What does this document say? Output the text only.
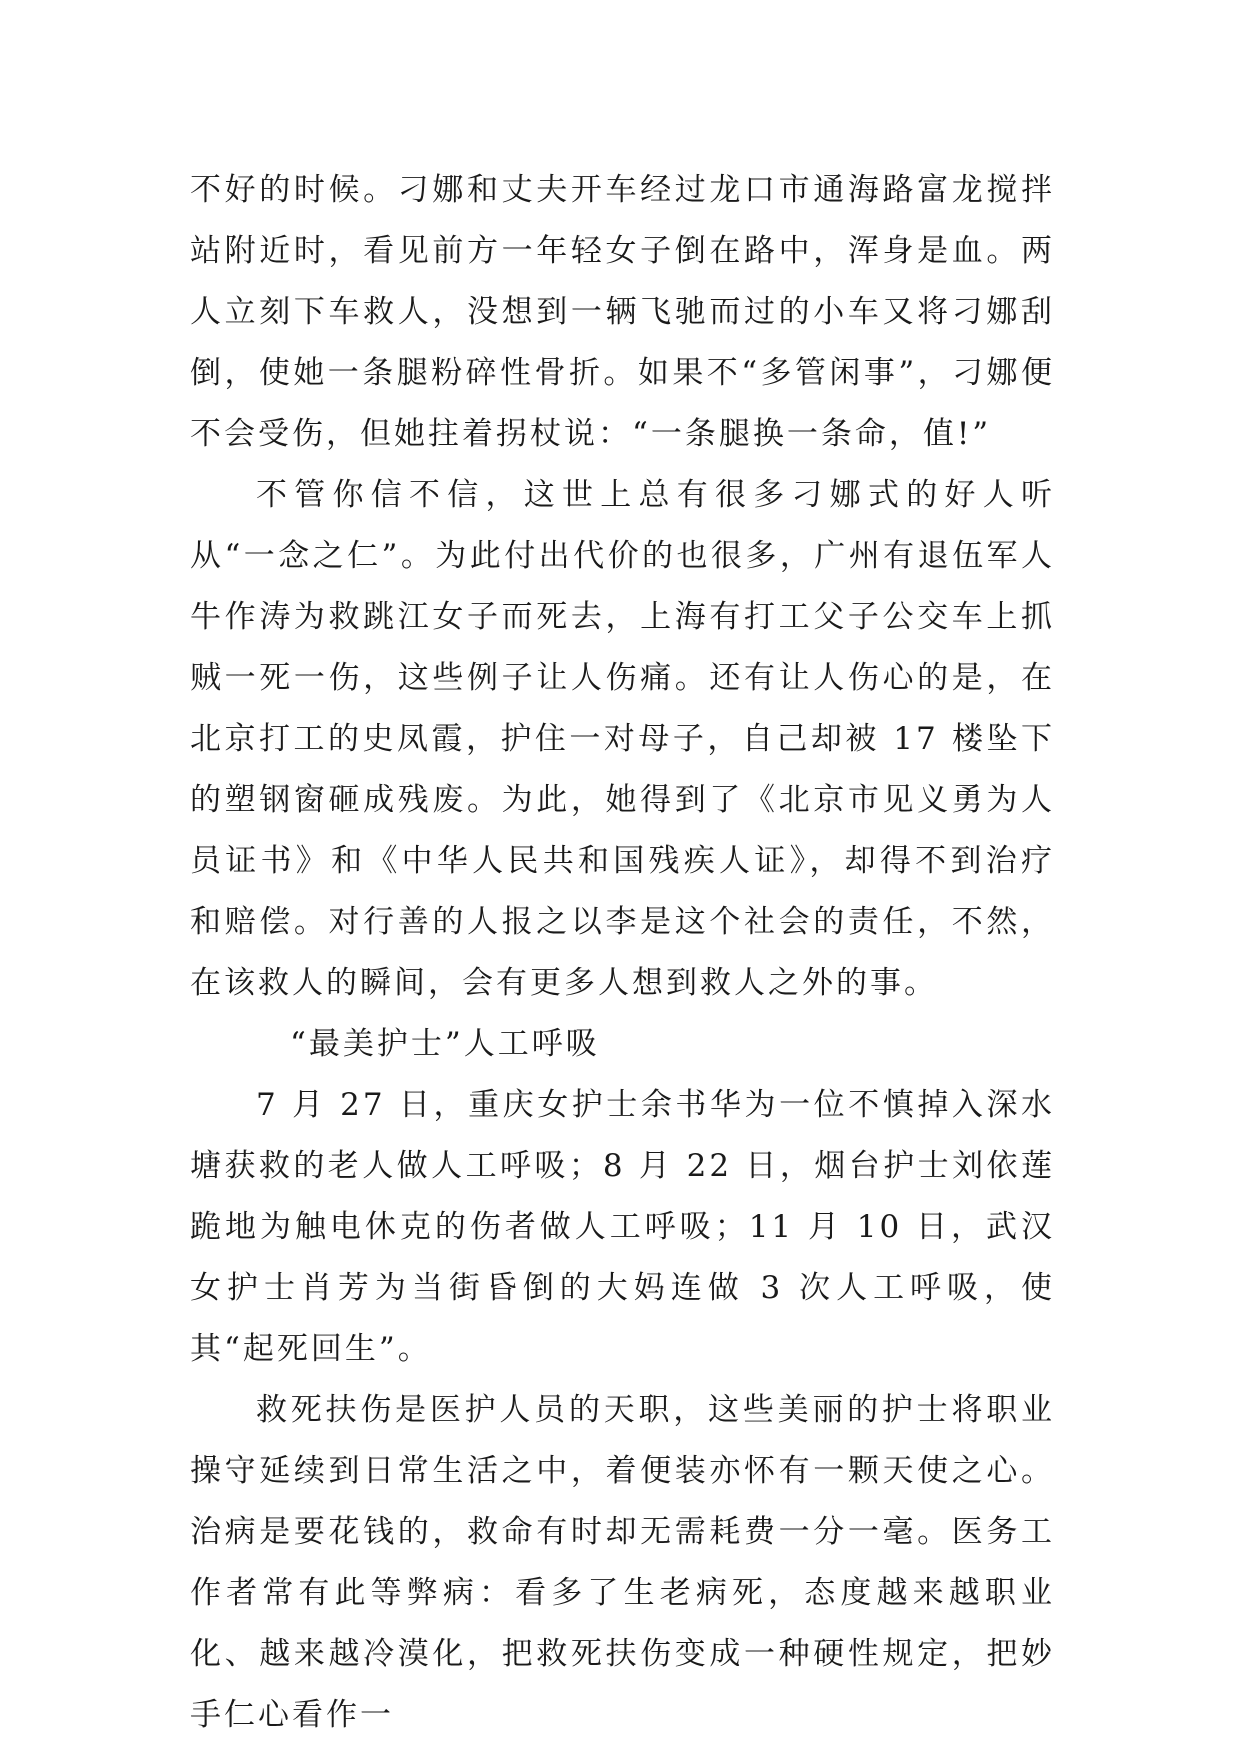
不好的时候。刁娜和丈夫开车经过龙口市通海路富龙搅拌站附近时，看见前方一年轻女子倒在路中，浑身是血。两人立刻下车救人，没想到一辆飞驰而过的小车又将刁娜刮倒，使她一条腿粉碎性骨折。如果不“多管闲事”，刁娜便不会受伤，但她拄着拐杖说：“一条腿换一条命，值!”

不管你信不信，这世上总有很多刁娜式的好人听从“一念之仁”。为此付出代价的也很多，广州有退伍军人牛作涛为救跳江女子而死去，上海有打工父子公交车上抓贼一死一伤，这些例子让人伤痛。还有让人伤心的是，在北京打工的史凤霞，护住一对母子，自己却被 17 楼坠下的塑钢窗砸成残废。为此，她得到了《北京市见义勇为人员证书》和《中华人民共和国残疾人证》，却得不到治疗和赔偿。对行善的人报之以李是这个社会的责任，不然，在该救人的瞬间，会有更多人想到救人之外的事。

“最美护士”人工呼吸

7 月 27 日，重庆女护士余书华为一位不慎掉入深水塘获救的老人做人工呼吸；8 月 22 日，烟台护士刘依莲跪地为触电休克的伤者做人工呼吸；11 月 10 日，武汉女护士肖芳为当街昏倒的大妈连做 3 次人工呼吸，使其“起死回生”。

救死扶伤是医护人员的天职，这些美丽的护士将职业操守延续到日常生活之中，着便装亦怀有一颗天使之心。治病是要花钱的，救命有时却无需耗费一分一毫。医务工作者常有此等弊病：看多了生老病死，态度越来越职业化、越来越冷漠化，把救死扶伤变成一种硬性规定，把妙手仁心看作一
